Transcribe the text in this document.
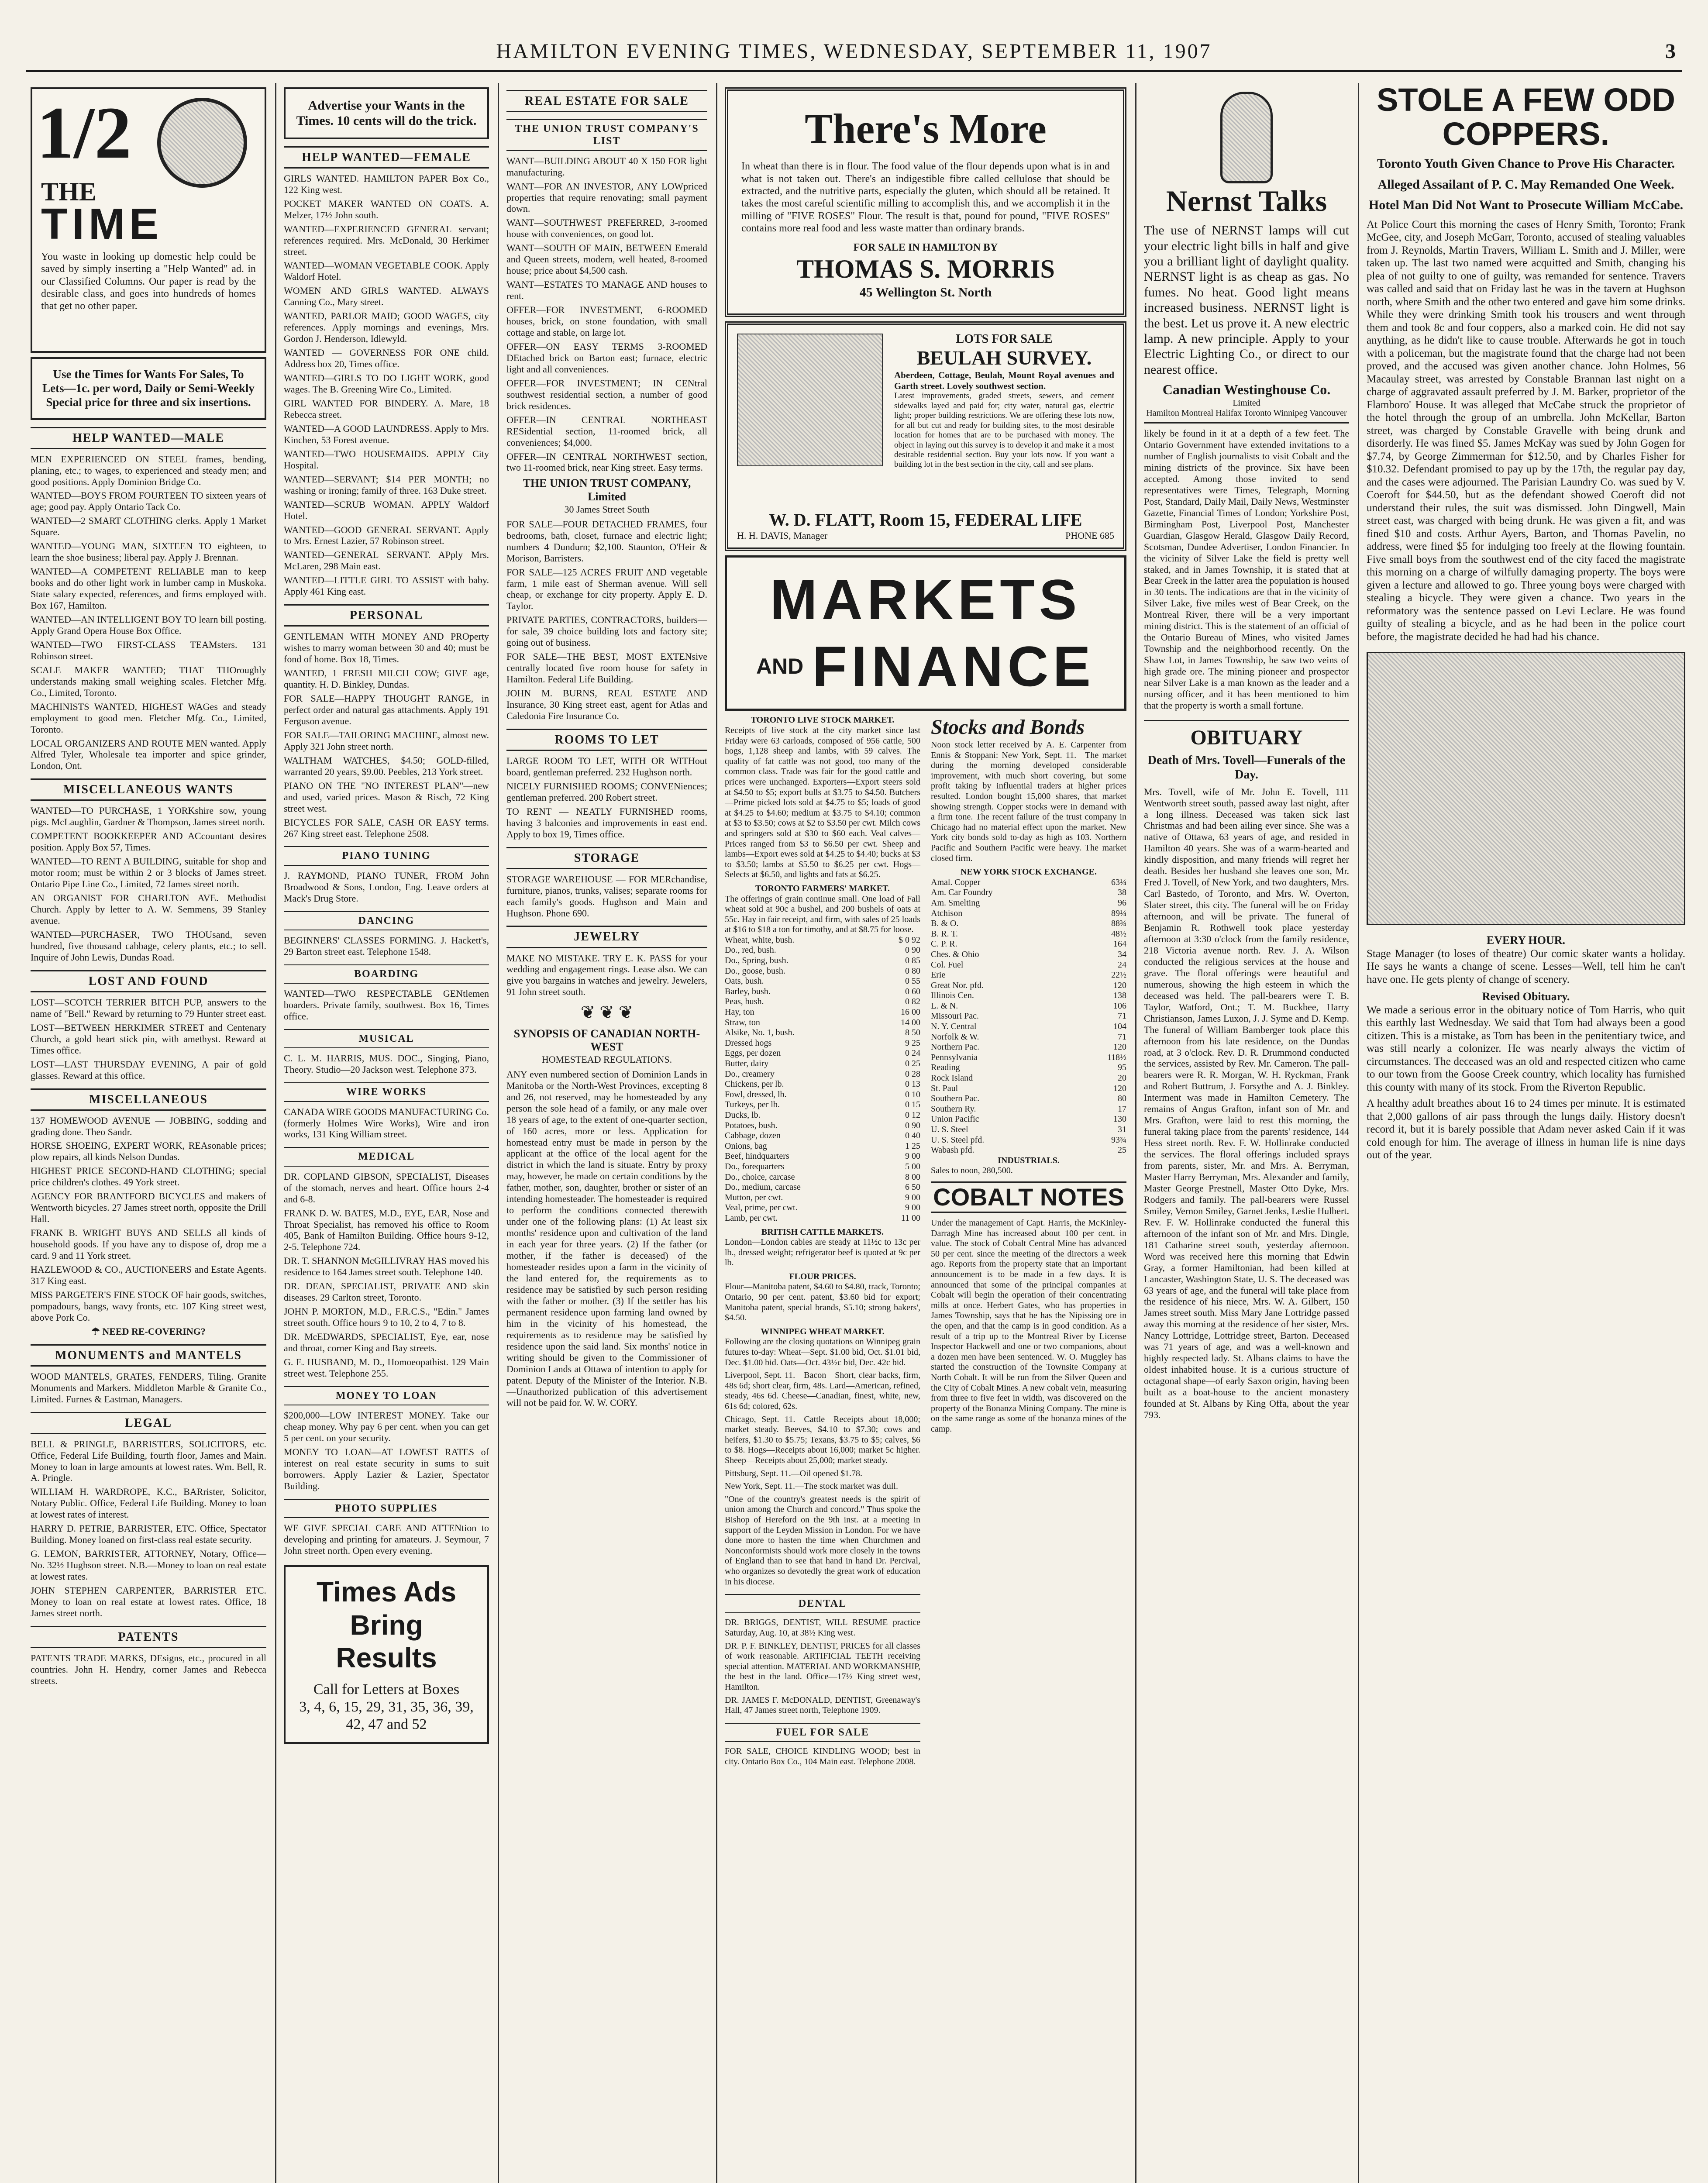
HAMILTON EVENING TIMES, WEDNESDAY, SEPTEMBER 11, 1907	3
1/2
THE
TIME
You waste in looking up domestic help could be saved by simply inserting a "Help Wanted" ad. in our Classified Columns. Our paper is read by the desirable class, and goes into hundreds of homes that get no other paper.
Use the Times for Wants For Sales, To Lets—1c. per word, Daily or Semi-Weekly Special price for three and six insertions.
HELP WANTED—MALE
MEN EXPERIENCED ON STEEL frames, bending, planing, etc.; to wages, to experienced and steady men; and good positions. Apply Dominion Bridge Co.
WANTED—BOYS FROM FOURTEEN TO sixteen years of age; good pay. Apply Ontario Tack Co.
WANTED—2 SMART CLOTHING clerks. Apply 1 Market Square.
WANTED—YOUNG MAN, SIXTEEN TO eighteen, to learn the shoe business; liberal pay. Apply J. Brennan.
WANTED—A COMPETENT RELIABLE man to keep books and do other light work in lumber camp in Muskoka. State salary expected, references, and firms employed with. Box 167, Hamilton.
WANTED—AN INTELLIGENT BOY TO learn bill posting. Apply Grand Opera House Box Office.
WANTED—TWO FIRST-CLASS TEAMsters. 131 Robinson street.
SCALE MAKER WANTED; THAT THOroughly understands making small weighing scales. Fletcher Mfg. Co., Limited, Toronto.
MACHINISTS WANTED, HIGHEST WAGes and steady employment to good men. Fletcher Mfg. Co., Limited, Toronto.
LOCAL ORGANIZERS AND ROUTE MEN wanted. Apply Alfred Tyler, Wholesale tea importer and spice grinder, London, Ont.
MISCELLANEOUS WANTS
WANTED—TO PURCHASE, 1 YORKshire sow, young pigs. McLaughlin, Gardner & Thompson, James street north.
COMPETENT BOOKKEEPER AND ACcountant desires position. Apply Box 57, Times.
WANTED—TO RENT A BUILDING, suitable for shop and motor room; must be within 2 or 3 blocks of James street. Ontario Pipe Line Co., Limited, 72 James street north.
AN ORGANIST FOR CHARLTON AVE. Methodist Church. Apply by letter to A. W. Semmens, 39 Stanley avenue.
WANTED—PURCHASER, TWO THOUsand, seven hundred, five thousand cabbage, celery plants, etc.; to sell. Inquire of John Lewis, Dundas Road.
LOST AND FOUND
LOST—SCOTCH TERRIER BITCH PUP, answers to the name of "Bell." Reward by returning to 79 Hunter street east.
LOST—BETWEEN HERKIMER STREET and Centenary Church, a gold heart stick pin, with amethyst. Reward at Times office.
LOST—LAST THURSDAY EVENING, A pair of gold glasses. Reward at this office.
MISCELLANEOUS
137 HOMEWOOD AVENUE — JOBBING, sodding and grading done. Theo Sandr.
HORSE SHOEING, EXPERT WORK, REAsonable prices; plow repairs, all kinds Nelson Dundas.
HIGHEST PRICE SECOND-HAND CLOTHING; special price children's clothes. 49 York street.
AGENCY FOR BRANTFORD BICYCLES and makers of Wentworth bicycles. 27 James street north, opposite the Drill Hall.
FRANK B. WRIGHT BUYS AND SELLS all kinds of household goods. If you have any to dispose of, drop me a card. 9 and 11 York street.
HAZLEWOOD & CO., AUCTIONEERS and Estate Agents. 317 King east.
MISS PARGETER'S FINE STOCK OF hair goods, switches, pompadours, bangs, wavy fronts, etc. 107 King street west, above Pork Co.
☂ NEED RE-COVERING?
MONUMENTS and MANTELS
WOOD MANTELS, GRATES, FENDERS, Tiling. Granite Monuments and Markers. Middleton Marble & Granite Co., Limited. Furnes & Eastman, Managers.
LEGAL
BELL & PRINGLE, BARRISTERS, SOLICITORS, etc. Office, Federal Life Building, fourth floor, James and Main. Money to loan in large amounts at lowest rates. Wm. Bell, R. A. Pringle.
WILLIAM H. WARDROPE, K.C., BARrister, Solicitor, Notary Public. Office, Federal Life Building. Money to loan at lowest rates of interest.
HARRY D. PETRIE, BARRISTER, ETC. Office, Spectator Building. Money loaned on first-class real estate security.
G. LEMON, BARRISTER, ATTORNEY, Notary, Office—No. 32½ Hughson street. N.B.—Money to loan on real estate at lowest rates.
JOHN STEPHEN CARPENTER, BARRISTER ETC. Money to loan on real estate at lowest rates. Office, 18 James street north.
PATENTS
PATENTS TRADE MARKS, DEsigns, etc., procured in all countries. John H. Hendry, corner James and Rebecca streets.
Advertise your Wants in the Times. 10 cents will do the trick.
HELP WANTED—FEMALE
GIRLS WANTED. HAMILTON PAPER Box Co., 122 King west.
POCKET MAKER WANTED ON COATS. A. Melzer, 17½ John south.
WANTED—EXPERIENCED GENERAL servant; references required. Mrs. McDonald, 30 Herkimer street.
WANTED—WOMAN VEGETABLE COOK. Apply Waldorf Hotel.
WOMEN AND GIRLS WANTED. ALWAYS Canning Co., Mary street.
WANTED, PARLOR MAID; GOOD WAGES, city references. Apply mornings and evenings, Mrs. Gordon J. Henderson, Idlewyld.
WANTED — GOVERNESS FOR ONE child. Address box 20, Times office.
WANTED—GIRLS TO DO LIGHT WORK, good wages. The B. Greening Wire Co., Limited.
GIRL WANTED FOR BINDERY. A. Mare, 18 Rebecca street.
WANTED—A GOOD LAUNDRESS. Apply to Mrs. Kinchen, 53 Forest avenue.
WANTED—TWO HOUSEMAIDS. APPLY City Hospital.
WANTED—SERVANT; $14 PER MONTH; no washing or ironing; family of three. 163 Duke street.
WANTED—SCRUB WOMAN. APPLY Waldorf Hotel.
WANTED—GOOD GENERAL SERVANT. Apply to Mrs. Ernest Lazier, 57 Robinson street.
WANTED—GENERAL SERVANT. APply Mrs. McLaren, 298 Main east.
WANTED—LITTLE GIRL TO ASSIST with baby. Apply 461 King east.
PERSONAL
GENTLEMAN WITH MONEY AND PROperty wishes to marry woman between 30 and 40; must be fond of home. Box 18, Times.
WANTED, 1 FRESH MILCH COW; GIVE age, quantity. H. D. Binkley, Dundas.
FOR SALE—HAPPY THOUGHT RANGE, in perfect order and natural gas attachments. Apply 191 Ferguson avenue.
FOR SALE—TAILORING MACHINE, almost new. Apply 321 John street north.
WALTHAM WATCHES, $4.50; GOLD-filled, warranted 20 years, $9.00. Peebles, 213 York street.
PIANO ON THE "NO INTEREST PLAN"—new and used, varied prices. Mason & Risch, 72 King street west.
BICYCLES FOR SALE, CASH OR EASY terms. 267 King street east. Telephone 2508.
PIANO TUNING
J. RAYMOND, PIANO TUNER, FROM John Broadwood & Sons, London, Eng. Leave orders at Mack's Drug Store.
DANCING
BEGINNERS' CLASSES FORMING. J. Hackett's, 29 Barton street east. Telephone 1548.
BOARDING
WANTED—TWO RESPECTABLE GENtlemen boarders. Private family, southwest. Box 16, Times office.
MUSICAL
C. L. M. HARRIS, MUS. DOC., Singing, Piano, Theory. Studio—20 Jackson west. Telephone 373.
WIRE WORKS
CANADA WIRE GOODS MANUFACTURING Co. (formerly Holmes Wire Works), Wire and iron works, 131 King William street.
MEDICAL
DR. COPLAND GIBSON, SPECIALIST, Diseases of the stomach, nerves and heart. Office hours 2-4 and 6-8.
FRANK D. W. BATES, M.D., EYE, EAR, Nose and Throat Specialist, has removed his office to Room 405, Bank of Hamilton Building. Office hours 9-12, 2-5. Telephone 724.
DR. T. SHANNON McGILLIVRAY HAS moved his residence to 164 James street south. Telephone 140.
DR. DEAN, SPECIALIST, PRIVATE AND skin diseases. 29 Carlton street, Toronto.
JOHN P. MORTON, M.D., F.R.C.S., "Edin." James street south. Office hours 9 to 10, 2 to 4, 7 to 8.
DR. McEDWARDS, SPECIALIST, Eye, ear, nose and throat, corner King and Bay streets.
G. E. HUSBAND, M. D., Homoeopathist. 129 Main street west. Telephone 255.
MONEY TO LOAN
$200,000—LOW INTEREST MONEY. Take our cheap money. Why pay 6 per cent. when you can get 5 per cent. on your security.
MONEY TO LOAN—AT LOWEST RATES of interest on real estate security in sums to suit borrowers. Apply Lazier & Lazier, Spectator Building.
PHOTO SUPPLIES
WE GIVE SPECIAL CARE AND ATTENtion to developing and printing for amateurs. J. Seymour, 7 John street north. Open every evening.
Times Ads
Bring
Results
Call for Letters at Boxes
3, 4, 6, 15, 29, 31, 35, 36, 39, 42, 47 and 52
REAL ESTATE FOR SALE
THE UNION TRUST COMPANY'S LIST
WANT—BUILDING ABOUT 40 X 150 FOR light manufacturing.
WANT—FOR AN INVESTOR, ANY LOWpriced properties that require renovating; small payment down.
WANT—SOUTHWEST PREFERRED, 3-roomed house with conveniences, on good lot.
WANT—SOUTH OF MAIN, BETWEEN Emerald and Queen streets, modern, well heated, 8-roomed house; price about $4,500 cash.
WANT—ESTATES TO MANAGE AND houses to rent.
OFFER—FOR INVESTMENT, 6-ROOMED houses, brick, on stone foundation, with small cottage and stable, on large lot.
OFFER—ON EASY TERMS 3-ROOMED DEtached brick on Barton east; furnace, electric light and all conveniences.
OFFER—FOR INVESTMENT; IN CENtral southwest residential section, a number of good brick residences.
OFFER—IN CENTRAL NORTHEAST RESidential section, 11-roomed brick, all conveniences; $4,000.
OFFER—IN CENTRAL NORTHWEST section, two 11-roomed brick, near King street. Easy terms.
THE UNION TRUST COMPANY, Limited
30 James Street South
FOR SALE—FOUR DETACHED FRAMES, four bedrooms, bath, closet, furnace and electric light; numbers 4 Dundurn; $2,100. Staunton, O'Heir & Morison, Barristers.
FOR SALE—125 ACRES FRUIT AND vegetable farm, 1 mile east of Sherman avenue. Will sell cheap, or exchange for city property. Apply E. D. Taylor.
PRIVATE PARTIES, CONTRACTORS, builders—for sale, 39 choice building lots and factory site; going out of business.
FOR SALE—THE BEST, MOST EXTENsive centrally located five room house for safety in Hamilton. Federal Life Building.
JOHN M. BURNS, REAL ESTATE AND Insurance, 30 King street east, agent for Atlas and Caledonia Fire Insurance Co.
ROOMS TO LET
LARGE ROOM TO LET, WITH OR WITHout board, gentleman preferred. 232 Hughson north.
NICELY FURNISHED ROOMS; CONVENiences; gentleman preferred. 200 Robert street.
TO RENT — NEATLY FURNISHED rooms, having 3 balconies and improvements in east end. Apply to box 19, Times office.
STORAGE
STORAGE WAREHOUSE — FOR MERchandise, furniture, pianos, trunks, valises; separate rooms for each family's goods. Hughson and Main and Hughson. Phone 690.
JEWELRY
MAKE NO MISTAKE. TRY E. K. PASS for your wedding and engagement rings. Lease also. We can give you bargains in watches and jewelry. Jewelers, 91 John street south.
❦ ❦ ❦
SYNOPSIS OF CANADIAN NORTH-WEST
HOMESTEAD REGULATIONS.
ANY even numbered section of Dominion Lands in Manitoba or the North-West Provinces, excepting 8 and 26, not reserved, may be homesteaded by any person the sole head of a family, or any male over 18 years of age, to the extent of one-quarter section, of 160 acres, more or less. Application for homestead entry must be made in person by the applicant at the office of the local agent for the district in which the land is situate. Entry by proxy may, however, be made on certain conditions by the father, mother, son, daughter, brother or sister of an intending homesteader. The homesteader is required to perform the conditions connected therewith under one of the following plans: (1) At least six months' residence upon and cultivation of the land in each year for three years. (2) If the father (or mother, if the father is deceased) of the homesteader resides upon a farm in the vicinity of the land entered for, the requirements as to residence may be satisfied by such person residing with the father or mother. (3) If the settler has his permanent residence upon farming land owned by him in the vicinity of his homestead, the requirements as to residence may be satisfied by residence upon the said land. Six months' notice in writing should be given to the Commissioner of Dominion Lands at Ottawa of intention to apply for patent. Deputy of the Minister of the Interior. N.B.—Unauthorized publication of this advertisement will not be paid for. W. W. CORY.
There's More
In wheat than there is in flour. The food value of the flour depends upon what is in and what is not taken out. There's an indigestible fibre called cellulose that should be extracted, and the nutritive parts, especially the gluten, which should all be retained. It takes the most careful scientific milling to accomplish this, and we accomplish it in the milling of "FIVE ROSES" Flour. The result is that, pound for pound, "FIVE ROSES" contains more real food and less waste matter than ordinary brands.
FOR SALE IN HAMILTON BY
THOMAS S. MORRIS
45 Wellington St. North
LOTS FOR SALE
BEULAH SURVEY.
Aberdeen, Cottage, Beulah, Mount Royal avenues and Garth street. Lovely southwest section.
Latest improvements, graded streets, sewers, and cement sidewalks layed and paid for; city water, natural gas, electric light; proper building restrictions. We are offering these lots now, for all but cut and ready for building sites, to the most desirable location for homes that are to be purchased with money. The object in laying out this survey is to develop it and make it a most desirable residential section. Buy your lots now. If you want a building lot in the best section in the city, call and see plans.
W. D. FLATT, Room 15, FEDERAL LIFE
H. H. DAVIS, Manager	PHONE 685
MARKETS
AND FINANCE
TORONTO LIVE STOCK MARKET.
Receipts of live stock at the city market since last Friday were 63 carloads, composed of 956 cattle, 500 hogs, 1,128 sheep and lambs, with 59 calves. The quality of fat cattle was not good, too many of the common class. Trade was fair for the good cattle and prices were unchanged. Exporters—Export steers sold at $4.50 to $5; export bulls at $3.75 to $4.50. Butchers—Prime picked lots sold at $4.75 to $5; loads of good at $4.25 to $4.60; medium at $3.75 to $4.10; common at $3 to $3.50; cows at $2 to $3.50 per cwt. Milch cows and springers sold at $30 to $60 each. Veal calves—Prices ranged from $3 to $6.50 per cwt. Sheep and lambs—Export ewes sold at $4.25 to $4.40; bucks at $3 to $3.50; lambs at $5.50 to $6.25 per cwt. Hogs—Selects at $6.50, and lights and fats at $6.25.
TORONTO FARMERS' MARKET.
The offerings of grain continue small. One load of Fall wheat sold at 90c a bushel, and 200 bushels of oats at 55c. Hay in fair receipt, and firm, with sales of 25 loads at $16 to $18 a ton for timothy, and at $8.75 for loose.
Wheat, white, bush.	$ 0 92
Do., red, bush.	0 90
Do., Spring, bush.	0 85
Do., goose, bush.	0 80
Oats, bush.	0 55
Barley, bush.	0 60
Peas, bush.	0 82
Hay, ton	16 00
Straw, ton	14 00
Alsike, No. 1, bush.	8 50
Dressed hogs	9 25
Eggs, per dozen	0 24
Butter, dairy	0 25
Do., creamery	0 28
Chickens, per lb.	0 13
Fowl, dressed, lb.	0 10
Turkeys, per lb.	0 15
Ducks, lb.	0 12
Potatoes, bush.	0 90
Cabbage, dozen	0 40
Onions, bag	1 25
Beef, hindquarters	9 00
Do., forequarters	5 00
Do., choice, carcase	8 00
Do., medium, carcase	6 50
Mutton, per cwt.	9 00
Veal, prime, per cwt.	9 00
Lamb, per cwt.	11 00
BRITISH CATTLE MARKETS.
London—London cables are steady at 11½c to 13c per lb., dressed weight; refrigerator beef is quoted at 9c per lb.
FLOUR PRICES.
Flour—Manitoba patent, $4.60 to $4.80, track, Toronto; Ontario, 90 per cent. patent, $3.60 bid for export; Manitoba patent, special brands, $5.10; strong bakers', $4.50.
WINNIPEG WHEAT MARKET.
Following are the closing quotations on Winnipeg grain futures to-day: Wheat—Sept. $1.00 bid, Oct. $1.01 bid, Dec. $1.00 bid. Oats—Oct. 43½c bid, Dec. 42c bid.
Liverpool, Sept. 11.—Bacon—Short, clear backs, firm, 48s 6d; short clear, firm, 48s. Lard—American, refined, steady, 46s 6d. Cheese—Canadian, finest, white, new, 61s 6d; colored, 62s.
Chicago, Sept. 11.—Cattle—Receipts about 18,000; market steady. Beeves, $4.10 to $7.30; cows and heifers, $1.30 to $5.75; Texans, $3.75 to $5; calves, $6 to $8. Hogs—Receipts about 16,000; market 5c higher. Sheep—Receipts about 25,000; market steady.
Pittsburg, Sept. 11.—Oil opened $1.78.
New York, Sept. 11.—The stock market was dull.
"One of the country's greatest needs is the spirit of union among the Church and concord." Thus spoke the Bishop of Hereford on the 9th inst. at a meeting in support of the Leyden Mission in London. For we have done more to hasten the time when Churchmen and Nonconformists should work more closely in the towns of England than to see that hand in hand Dr. Percival, who organizes so devotedly the great work of education in his diocese.
DENTAL
DR. BRIGGS, DENTIST, WILL RESUME practice Saturday, Aug. 10, at 38½ King west.
DR. P. F. BINKLEY, DENTIST, PRICES for all classes of work reasonable. ARTIFICIAL TEETH receiving special attention. MATERIAL AND WORKMANSHIP, the best in the land. Office—17½ King street west, Hamilton.
DR. JAMES F. McDONALD, DENTIST, Greenaway's Hall, 47 James street north, Telephone 1909.
FUEL FOR SALE
FOR SALE, CHOICE KINDLING WOOD; best in city. Ontario Box Co., 104 Main east. Telephone 2008.
Stocks and Bonds
Noon stock letter received by A. E. Carpenter from Ennis & Stoppani: New York, Sept. 11.—The market during the morning developed considerable improvement, with much short covering, but some profit taking by influential traders at higher prices resulted. London bought 15,000 shares, that market showing strength. Copper stocks were in demand with a firm tone. The recent failure of the trust company in Chicago had no material effect upon the market. New York city bonds sold to-day as high as 103. Northern Pacific and Southern Pacific were heavy. The market closed firm.
NEW YORK STOCK EXCHANGE.
Amal. Copper	63¼
Am. Car Foundry	38
Am. Smelting	96
Atchison	89¼
B. & O.	88¾
B. R. T.	48½
C. P. R.	164
Ches. & Ohio	34
Col. Fuel	24
Erie	22½
Great Nor. pfd.	120
Illinois Cen.	138
L. & N.	106
Missouri Pac.	71
N. Y. Central	104
Norfolk & W.	71
Northern Pac.	120
Pennsylvania	118½
Reading	95
Rock Island	20
St. Paul	120
Southern Pac.	80
Southern Ry.	17
Union Pacific	130
U. S. Steel	31
U. S. Steel pfd.	93¾
Wabash pfd.	25
INDUSTRIALS.
Sales to noon, 280,500.
COBALT NOTES
Under the management of Capt. Harris, the McKinley-Darragh Mine has increased about 100 per cent. in value. The stock of Cobalt Central Mine has advanced 50 per cent. since the meeting of the directors a week ago. Reports from the property state that an important announcement is to be made in a few days. It is announced that some of the principal companies at Cobalt will begin the operation of their concentrating mills at once. Herbert Gates, who has properties in James Township, says that he has the Nipissing ore in the open, and that the camp is in good condition. As a result of a trip up to the Montreal River by License Inspector Hackwell and one or two companions, about a dozen men have been sentenced. W. O. Muggley has started the construction of the Townsite Company at North Cobalt. It will be run from the Silver Queen and the City of Cobalt Mines. A new cobalt vein, measuring from three to five feet in width, was discovered on the property of the Bonanza Mining Company. The mine is on the same range as some of the bonanza mines of the camp.
Nernst Talks
The use of NERNST lamps will cut your electric light bills in half and give you a brilliant light of daylight quality. NERNST light is as cheap as gas. No fumes. No heat. Good light means increased business. NERNST light is the best. Let us prove it. A new electric lamp. A new principle. Apply to your Electric Lighting Co., or direct to our nearest office.
Canadian Westinghouse Co.
Limited
Hamilton Montreal Halifax Toronto Winnipeg Vancouver
likely be found in it at a depth of a few feet. The Ontario Government have extended invitations to a number of English journalists to visit Cobalt and the mining districts of the province. Six have been accepted. Among those invited to send representatives were Times, Telegraph, Morning Post, Standard, Daily Mail, Daily News, Westminster Gazette, Financial Times of London; Yorkshire Post, Birmingham Post, Liverpool Post, Manchester Guardian, Glasgow Herald, Glasgow Daily Record, Scotsman, Dundee Advertiser, London Financier. In the vicinity of Silver Lake the field is pretty well staked, and in James Township, it is stated that at Bear Creek in the latter area the population is housed in 30 tents. The indications are that in the vicinity of Silver Lake, five miles west of Bear Creek, on the Montreal River, there will be a very important mining district. This is the statement of an official of the Ontario Bureau of Mines, who visited James Township and the neighborhood recently. On the Shaw Lot, in James Township, he saw two veins of high grade ore. The mining pioneer and prospector near Silver Lake is a man known as the leader and a nursing officer, and it has been mentioned to him that the property is worth a small fortune.
OBITUARY
Death of Mrs. Tovell—Funerals of the Day.
Mrs. Tovell, wife of Mr. John E. Tovell, 111 Wentworth street south, passed away last night, after a long illness. Deceased was taken sick last Christmas and had been ailing ever since. She was a native of Ottawa, 63 years of age, and resided in Hamilton 40 years. She was of a warm-hearted and kindly disposition, and many friends will regret her death. Besides her husband she leaves one son, Mr. Fred J. Tovell, of New York, and two daughters, Mrs. Carl Bastedo, of Toronto, and Mrs. W. Overton, Slater street, this city. The funeral will be on Friday afternoon, and will be private. The funeral of Benjamin R. Rothwell took place yesterday afternoon at 3:30 o'clock from the family residence, 218 Victoria avenue north. Rev. J. A. Wilson conducted the religious services at the house and grave. The floral offerings were beautiful and numerous, showing the high esteem in which the deceased was held. The pall-bearers were T. B. Taylor, Watford, Ont.; T. M. Buckbee, Harry Christianson, James Luxon, J. J. Syme and D. Kemp. The funeral of William Bamberger took place this afternoon from his late residence, on the Dundas road, at 3 o'clock. Rev. D. R. Drummond conducted the services, assisted by Rev. Mr. Cameron. The pall-bearers were R. R. Morgan, W. H. Ryckman, Frank and Robert Buttrum, J. Forsythe and A. J. Binkley. Interment was made in Hamilton Cemetery. The remains of Angus Grafton, infant son of Mr. and Mrs. Grafton, were laid to rest this morning, the funeral taking place from the parents' residence, 144 Hess street north. Rev. F. W. Hollinrake conducted the services. The floral offerings included sprays from parents, sister, Mr. and Mrs. A. Berryman, Master Harry Berryman, Mrs. Alexander and family, Master George Prestnell, Master Otto Dyke, Mrs. Rodgers and family. The pall-bearers were Russel Smiley, Vernon Smiley, Garnet Jenks, Leslie Hulbert. Rev. F. W. Hollinrake conducted the funeral this afternoon of the infant son of Mr. and Mrs. Dingle, 181 Catharine street south, yesterday afternoon. Word was received here this morning that Edwin Gray, a former Hamiltonian, had been killed at Lancaster, Washington State, U. S. The deceased was 63 years of age, and the funeral will take place from the residence of his niece, Mrs. W. A. Gilbert, 150 James street south. Miss Mary Jane Lottridge passed away this morning at the residence of her sister, Mrs. Nancy Lottridge, Lottridge street, Barton. Deceased was 71 years of age, and was a well-known and highly respected lady. St. Albans claims to have the oldest inhabited house. It is a curious structure of octagonal shape—of early Saxon origin, having been built as a boat-house to the ancient monastery founded at St. Albans by King Offa, about the year 793.
STOLE A FEW ODD COPPERS.
Toronto Youth Given Chance to Prove His Character.
Alleged Assailant of P. C. May Remanded One Week.
Hotel Man Did Not Want to Prosecute William McCabe.
At Police Court this morning the cases of Henry Smith, Toronto; Frank McGee, city, and Joseph McGarr, Toronto, accused of stealing valuables from J. Reynolds, Martin Travers, William L. Smith and J. Miller, were taken up. The last two named were acquitted and Smith, changing his plea of not guilty to one of guilty, was remanded for sentence. Travers was called and said that on Friday last he was in the tavern at Hughson north, where Smith and the other two entered and gave him some drinks. While they were drinking Smith took his trousers and went through them and took 8c and four coppers, also a marked coin. He did not say anything, as he didn't like to cause trouble. Afterwards he got in touch with a policeman, but the magistrate found that the charge had not been proved, and the accused was given another chance. John Holmes, 56 Macaulay street, was arrested by Constable Brannan last night on a charge of aggravated assault preferred by J. M. Barker, proprietor of the Flamboro' House. It was alleged that McCabe struck the proprietor of the hotel through the group of an umbrella. John McKellar, Barton street, was charged by Constable Gravelle with being drunk and disorderly. He was fined $5. James McKay was sued by John Gogen for $7.74, by George Zimmerman for $12.50, and by Charles Fisher for $10.32. Defendant promised to pay up by the 17th, the regular pay day, and the cases were adjourned. The Parisian Laundry Co. was sued by V. Coeroft for $44.50, but as the defendant showed Coeroft did not understand their rules, the suit was dismissed. John Dingwell, Main street east, was charged with being drunk. He was given a fit, and was fined $10 and costs. Arthur Ayers, Barton, and Thomas Pavelin, no address, were fined $5 for indulging too freely at the flowing fountain. Five small boys from the southwest end of the city faced the magistrate this morning on a charge of wilfully damaging property. The boys were given a lecture and allowed to go. Three young boys were charged with stealing a bicycle. They were given a chance. Two years in the reformatory was the sentence passed on Levi Leclare. He was found guilty of stealing a bicycle, and as he had been in the police court before, the magistrate decided he had had his chance.
EVERY HOUR.
Stage Manager (to loses of theatre) Our comic skater wants a holiday. He says he wants a change of scene. Lesses—Well, tell him he can't have one. He gets plenty of change of scenery.
Revised Obituary.
We made a serious error in the obituary notice of Tom Harris, who quit this earthly last Wednesday. We said that Tom had always been a good citizen. This is a mistake, as Tom has been in the penitentiary twice, and was still nearly a colonizer. He was nearly always the victim of circumstances. The deceased was an old and respected citizen who came to our town from the Goose Creek country, which locality has furnished this county with many of its stock. From the Riverton Republic.
A healthy adult breathes about 16 to 24 times per minute. It is estimated that 2,000 gallons of air pass through the lungs daily. History doesn't record it, but it is barely possible that Adam never asked Cain if it was cold enough for him. The average of illness in human life is nine days out of the year.
